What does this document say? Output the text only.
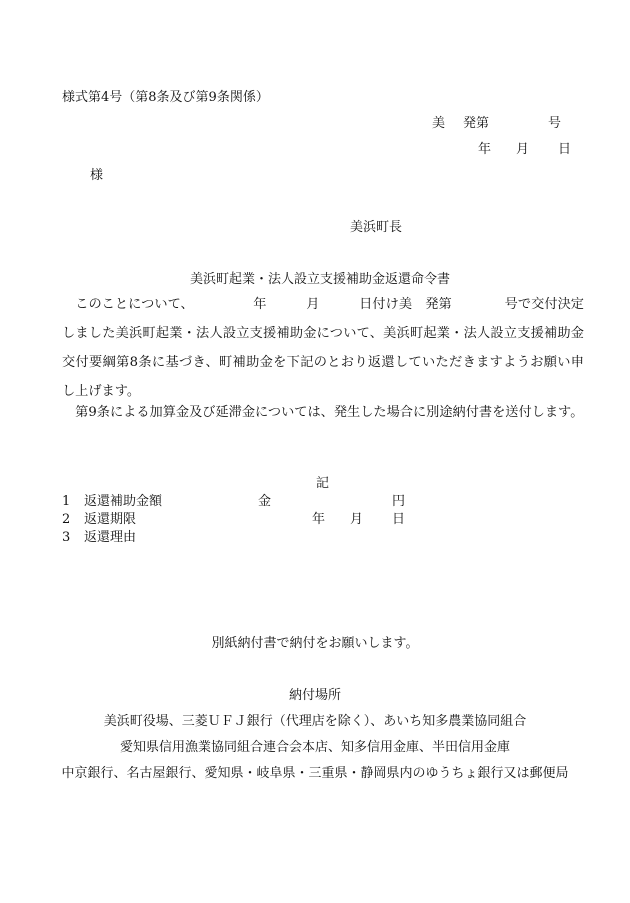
様式第4号（第8条及び第9条関係）
美 発第	号
年 月 日
様
美浜町長
美浜町起業・法人設立支援補助金返還命令書
　このことについて、　　　　　年　　　月　　　日付け美　発第　　　　号で交付決定しました美浜町起業・法人設立支援補助金について、美浜町起業・法人設立支援補助金交付要綱第8条に基づき、町補助金を下記のとおり返還していただきますようお願い申し上げます。
　第9条による加算金及び延滞金については、発生した場合に別途納付書を送付します。
記
1 返還補助金額	金	円
2 返還期限	年 月 日
3 返還理由
別紙納付書で納付をお願いします。
納付場所
美浜町役場、三菱ＵＦＪ銀行（代理店を除く）、あいち知多農業協同組合
愛知県信用漁業協同組合連合会本店、知多信用金庫、半田信用金庫
中京銀行、名古屋銀行、愛知県・岐阜県・三重県・静岡県内のゆうちょ銀行又は郵便局
